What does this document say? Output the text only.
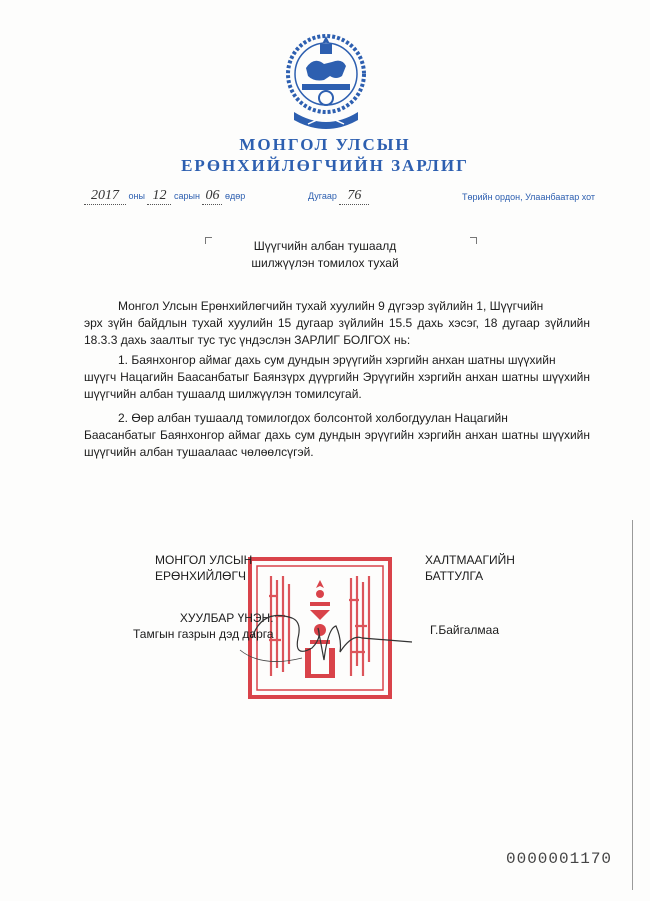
МОНГОЛ УЛСЫН
ЕРӨНХИЙЛӨГЧИЙН ЗАРЛИГ
2017 оны 12 сарын 06 өдөр	Дугаар 76	Төрийн ордон, Улаанбаатар хот
Шүүгчийн албан тушаалд
шилжүүлэн томилох тухай
Монгол Улсын Ерөнхийлөгчийн тухай хуулийн 9 дүгээр зүйлийн 1, Шүүгчийн
эрх зүйн байдлын тухай хуулийн 15 дугаар зүйлийн 15.5 дахь хэсэг, 18 дугаар зүйлийн 18.3.3 дахь заалтыг тус тус үндэслэн ЗАРЛИГ БОЛГОХ нь:
1. Баянхонгор аймаг дахь сум дундын эрүүгийн хэргийн анхан шатны шүүхийн
шүүгч Нацагийн Баасанбатыг Баянзүрх дүүргийн Эрүүгийн хэргийн анхан шатны шүүхийн шүүгчийн албан тушаалд шилжүүлэн томилсугай.
2. Өөр албан тушаалд томилогдох болсонтой холбогдуулан Нацагийн
Баасанбатыг Баянхонгор аймаг дахь сум дундын эрүүгийн хэргийн анхан шатны шүүхийн шүүгчийн албан тушаалаас чөлөөлсүгэй.
МОНГОЛ УЛСЫН
ЕРӨНХИЙЛӨГЧ
ХАЛТМААГИЙН
БАТТУЛГА
ХУУЛБАР ҮНЭН:
Тамгын газрын дэд дарга	Г.Байгалмаа
0000001170
